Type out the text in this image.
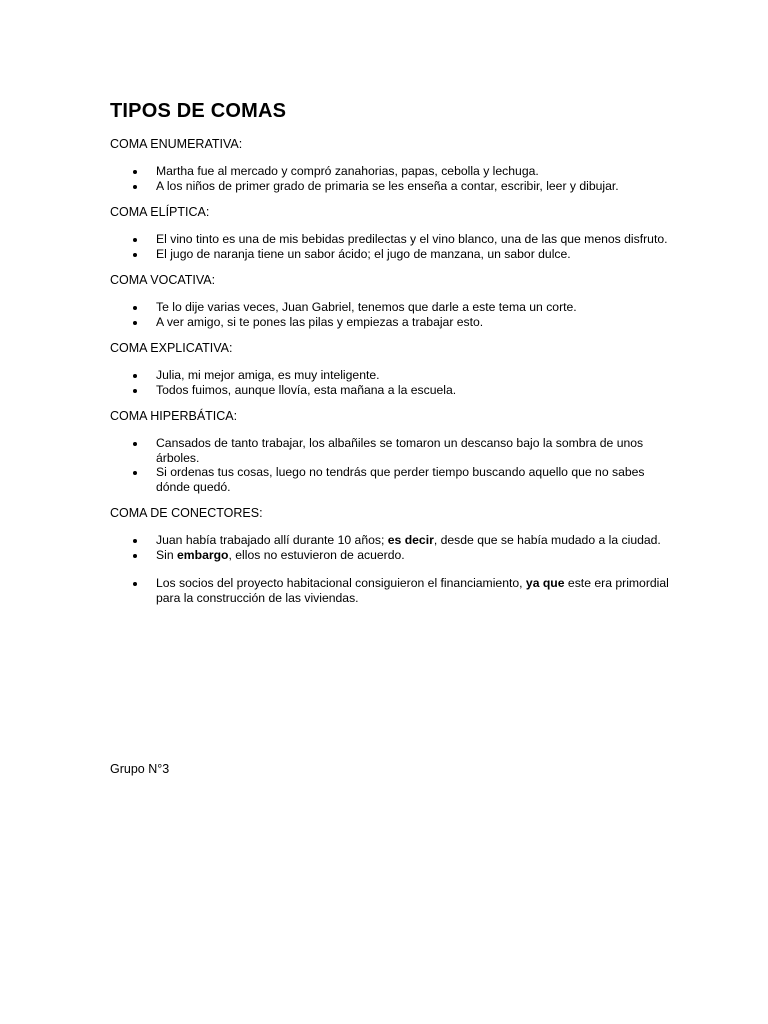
TIPOS DE COMAS
COMA ENUMERATIVA:
Martha fue al mercado y compró zanahorias, papas, cebolla y lechuga.
A los niños de primer grado de primaria se les enseña a contar, escribir, leer y dibujar.
COMA ELÍPTICA:
El vino tinto es una de mis bebidas predilectas y el vino blanco, una de las que menos disfruto.
El jugo de naranja tiene un sabor ácido; el jugo de manzana, un sabor dulce.
COMA VOCATIVA:
Te lo dije varias veces, Juan Gabriel, tenemos que darle a este tema un corte.
A ver amigo, si te pones las pilas y empiezas a trabajar esto.
COMA EXPLICATIVA:
Julia, mi mejor amiga, es muy inteligente.
Todos fuimos, aunque llovía, esta mañana a la escuela.
COMA HIPERBÁTICA:
Cansados de tanto trabajar, los albañiles se tomaron un descanso bajo la sombra de unos árboles.
Si ordenas tus cosas, luego no tendrás que perder tiempo buscando aquello que no sabes dónde quedó.
COMA DE CONECTORES:
Juan había trabajado allí durante 10 años; es decir, desde que se había mudado a la ciudad.
Sin embargo, ellos no estuvieron de acuerdo.
Los socios del proyecto habitacional consiguieron el financiamiento, ya que este era primordial para la construcción de las viviendas.
Grupo N°3
